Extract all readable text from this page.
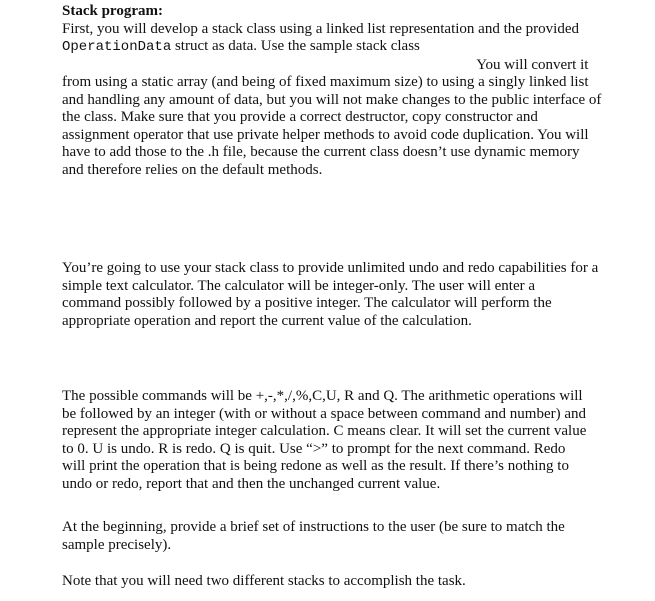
Stack program:
First, you will develop a stack class using a linked list representation and the provided
OperationData struct as data. Use the sample stack class
You will convert it
from using a static array (and being of fixed maximum size) to using a singly linked list
and handling any amount of data, but you will not make changes to the public interface of
the class. Make sure that you provide a correct destructor, copy constructor and
assignment operator that use private helper methods to avoid code duplication. You will
have to add those to the .h file, because the current class doesn’t use dynamic memory
and therefore relies on the default methods.
You’re going to use your stack class to provide unlimited undo and redo capabilities for a
simple text calculator. The calculator will be integer-only. The user will enter a
command possibly followed by a positive integer. The calculator will perform the
appropriate operation and report the current value of the calculation.
The possible commands will be +,-,*,/,%,C,U, R and Q. The arithmetic operations will
be followed by an integer (with or without a space between command and number) and
represent the appropriate integer calculation. C means clear. It will set the current value
to 0. U is undo. R is redo. Q is quit. Use “>” to prompt for the next command. Redo
will print the operation that is being redone as well as the result. If there’s nothing to
undo or redo, report that and then the unchanged current value.
At the beginning, provide a brief set of instructions to the user (be sure to match the
sample precisely).
Note that you will need two different stacks to accomplish the task.
